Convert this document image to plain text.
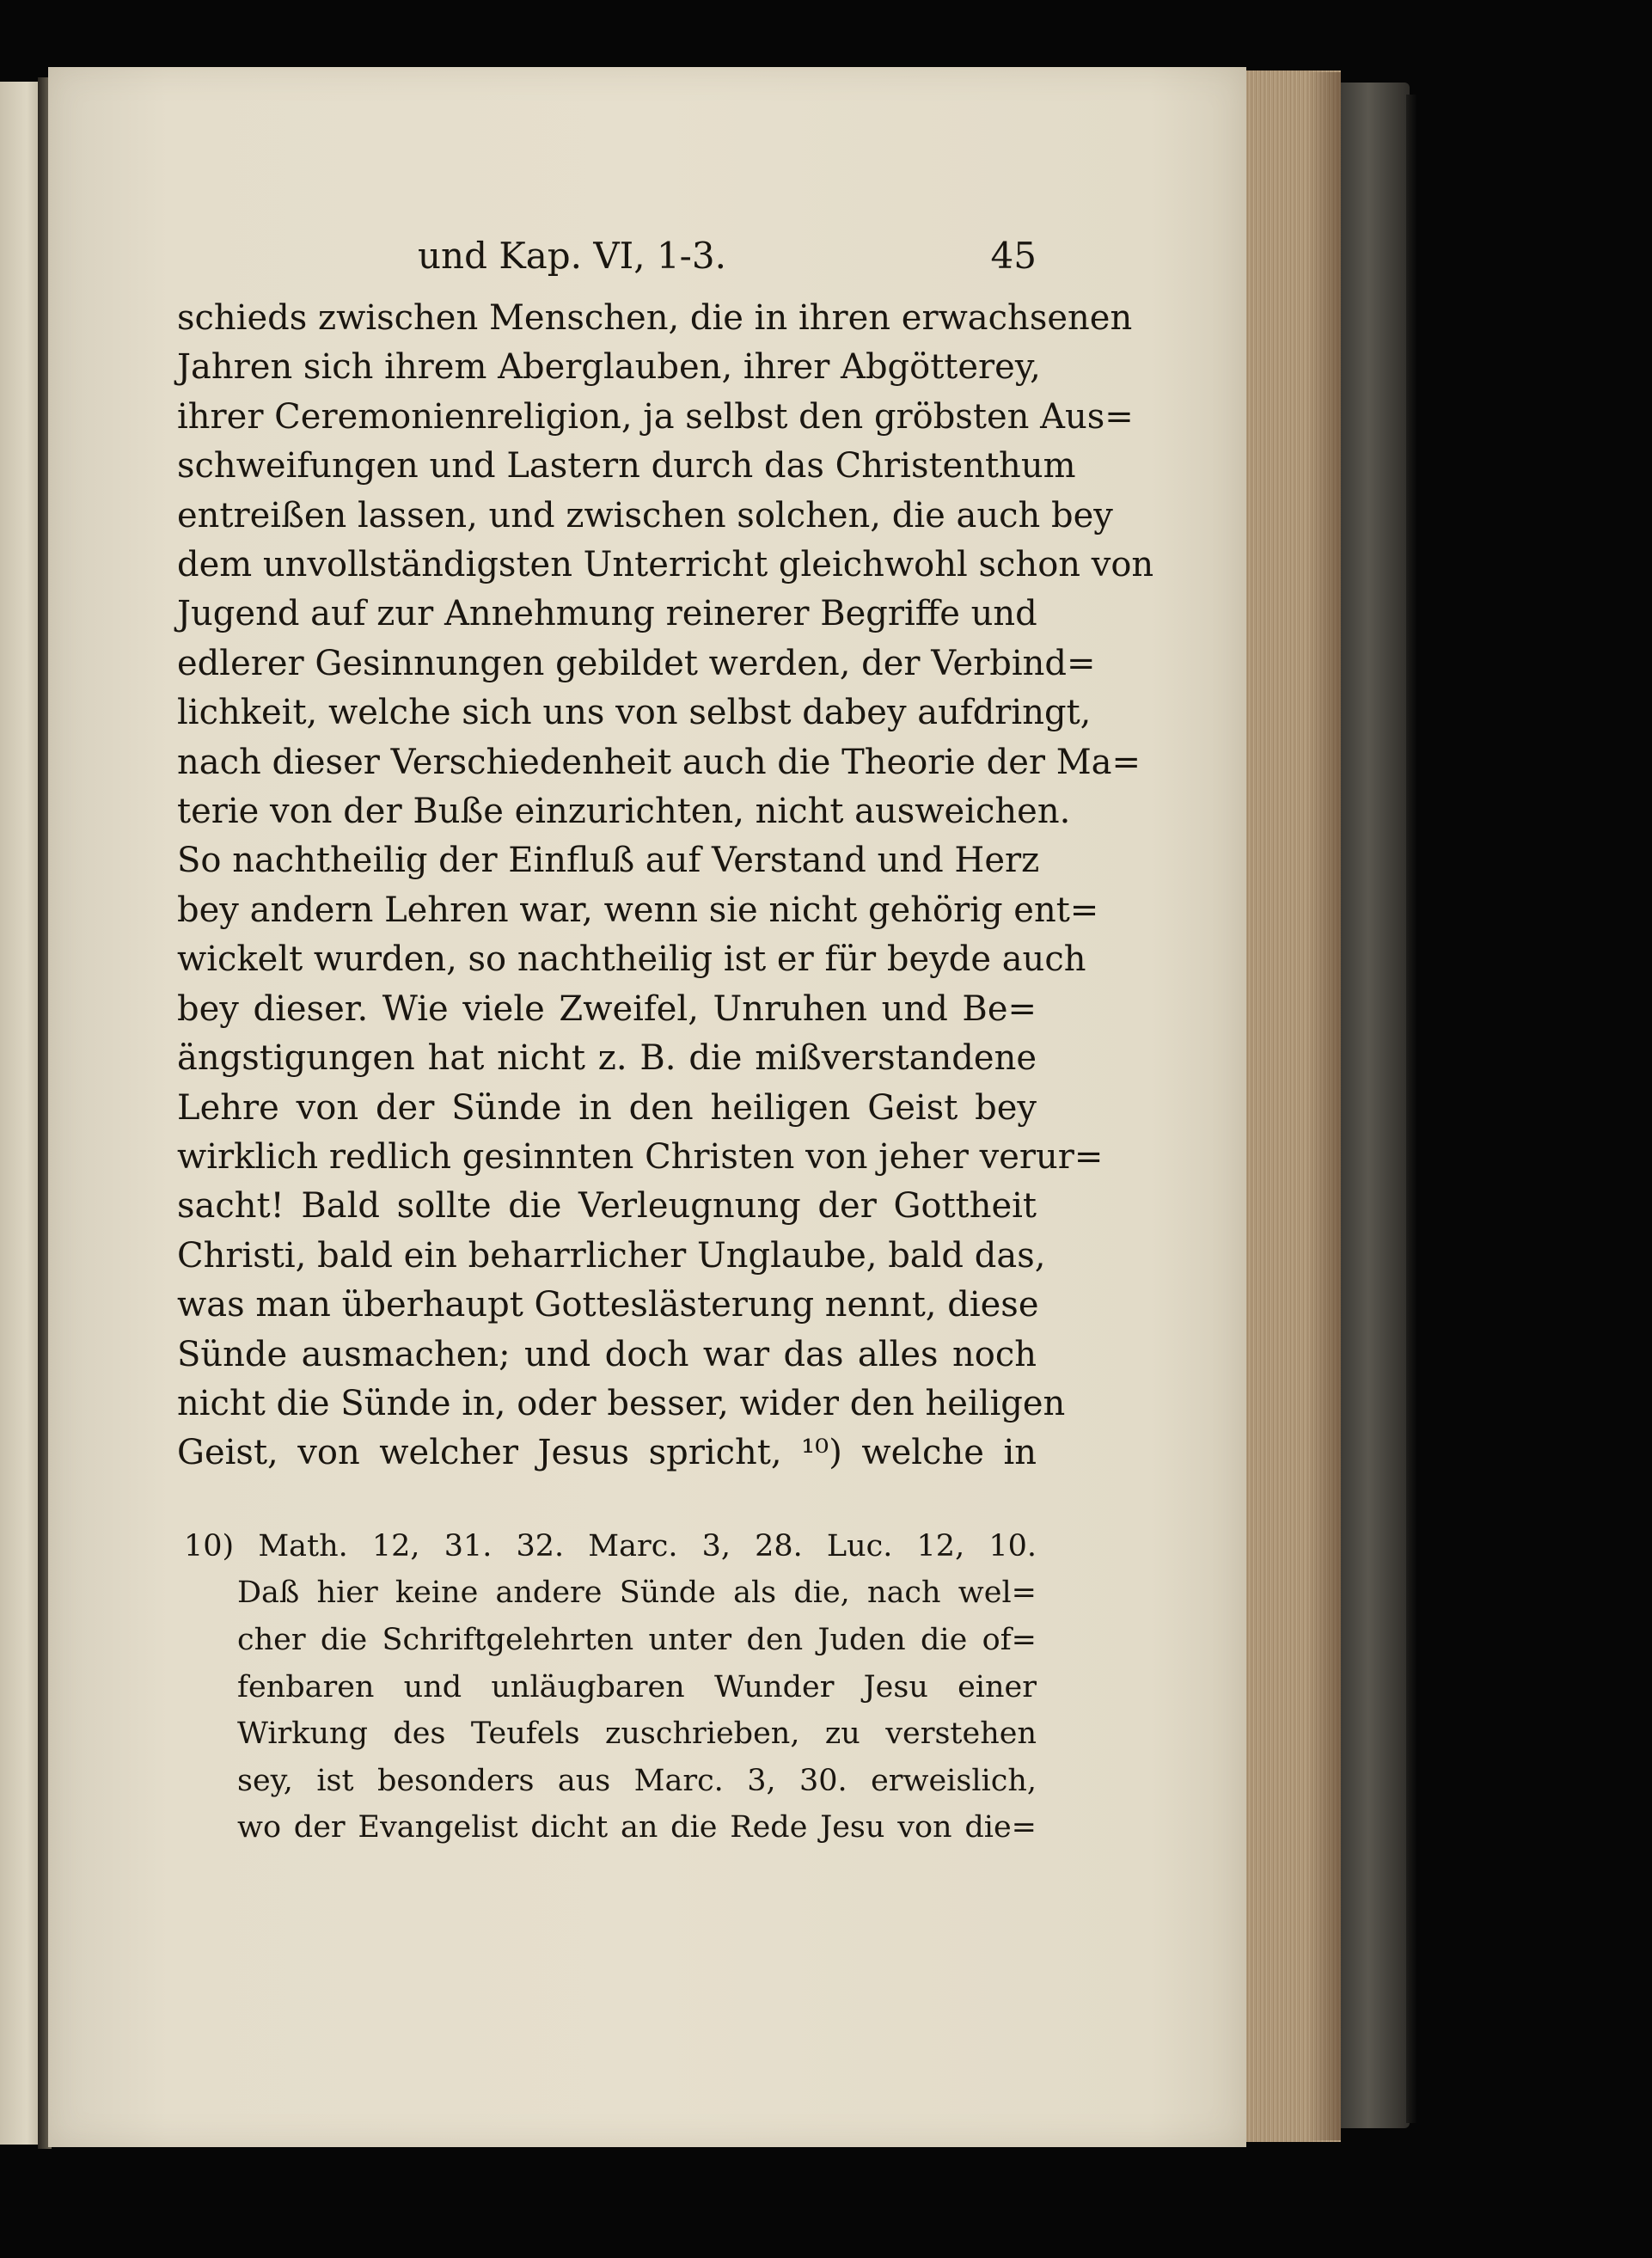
und Kap. VI, 1-3.	45
schieds zwischen Menschen, die in ihren erwachsenen
Jahren sich ihrem Aberglauben, ihrer Abgötterey,
ihrer Ceremonienreligion, ja selbst den gröbsten Aus=
schweifungen und Lastern durch das Christenthum
entreißen lassen, und zwischen solchen, die auch bey
dem unvollständigsten Unterricht gleichwohl schon von
Jugend auf zur Annehmung reinerer Begriffe und
edlerer Gesinnungen gebildet werden, der Verbind=
lichkeit, welche sich uns von selbst dabey aufdringt,
nach dieser Verschiedenheit auch die Theorie der Ma=
terie von der Buße einzurichten, nicht ausweichen.
So nachtheilig der Einfluß auf Verstand und Herz
bey andern Lehren war, wenn sie nicht gehörig ent=
wickelt wurden, so nachtheilig ist er für beyde auch
bey dieser. Wie viele Zweifel, Unruhen und Be=
ängstigungen hat nicht z. B. die mißverstandene
Lehre von der Sünde in den heiligen Geist bey
wirklich redlich gesinnten Christen von jeher verur=
sacht! Bald sollte die Verleugnung der Gottheit
Christi, bald ein beharrlicher Unglaube, bald das,
was man überhaupt Gotteslästerung nennt, diese
Sünde ausmachen; und doch war das alles noch
nicht die Sünde in, oder besser, wider den heiligen
Geist, von welcher Jesus spricht, ¹⁰) welche in
10) Math. 12, 31. 32. Marc. 3, 28. Luc. 12, 10.
Daß hier keine andere Sünde als die, nach wel=
cher die Schriftgelehrten unter den Juden die of=
fenbaren und unläugbaren Wunder Jesu einer
Wirkung des Teufels zuschrieben, zu verstehen
sey, ist besonders aus Marc. 3, 30. erweislich,
wo der Evangelist dicht an die Rede Jesu von die=
